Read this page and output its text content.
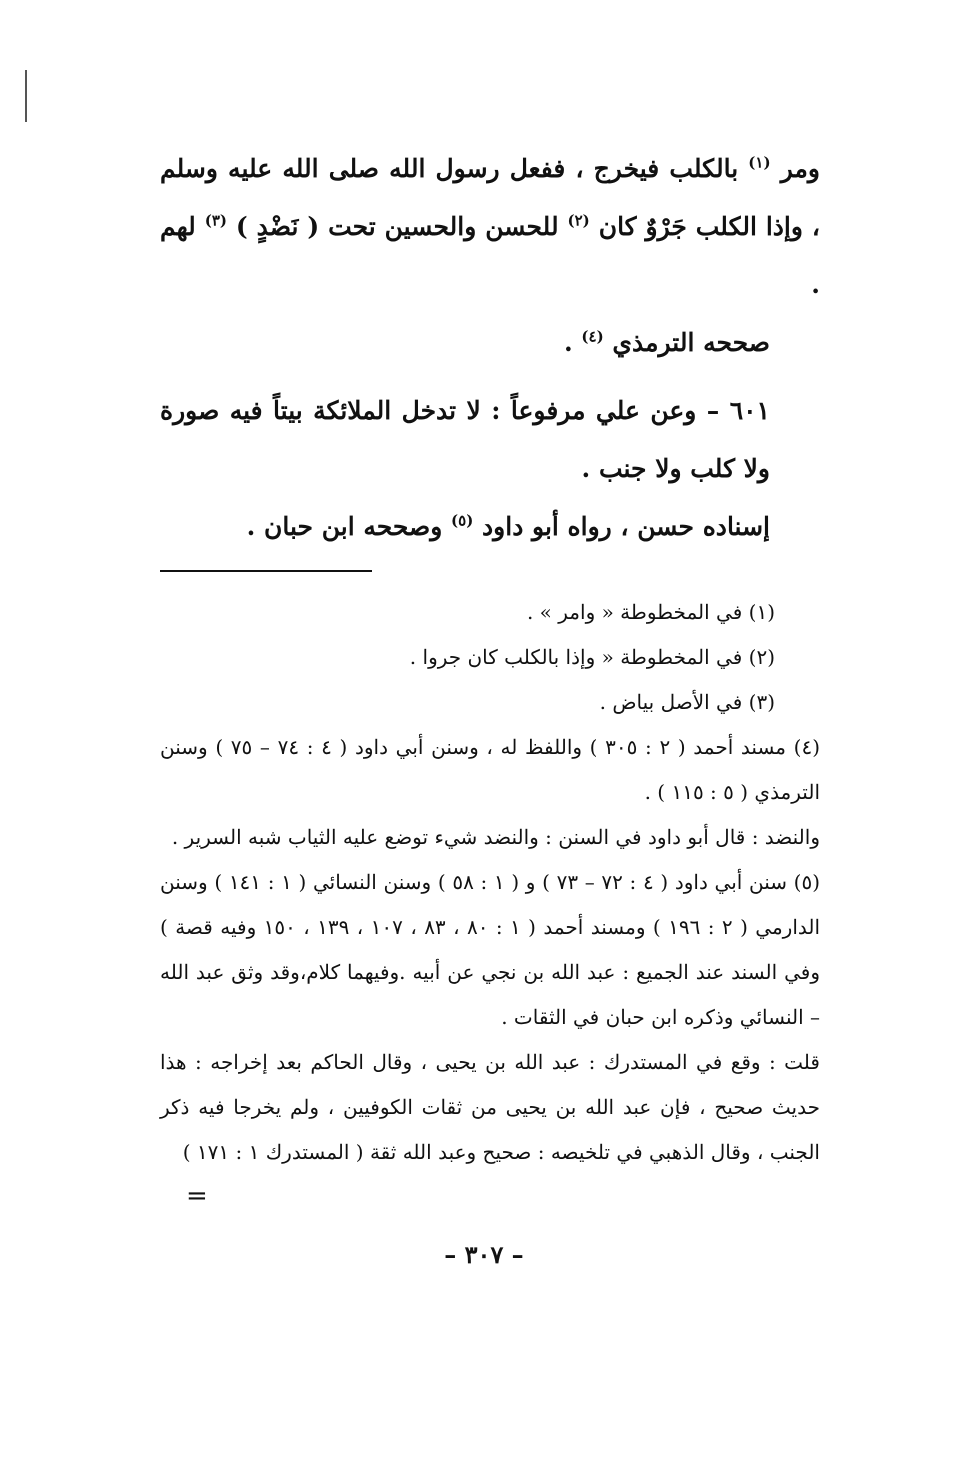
ومر $^{(١)}$ بالكلب فيخرج ، ففعل رسول الله صلى الله عليه وسلم ، وإذا الكلب جَرْوٌ كان $^{(٢)}$ للحسن والحسين تحت ( نَضْدٍ ) $^{(٣)}$ لهم .

صححه الترمذي $^{(٤)}$ .

٦٠١ – وعن علي مرفوعاً : لا تدخل الملائكة بيتاً فيه صورة ولا كلب ولا جنب .

إسناده حسن ، رواه أبو داود $^{(٥)}$ وصححه ابن حبان .

(١) في المخطوطة « وامر » .

(٢) في المخطوطة « وإذا بالكلب كان جروا .

(٣) في الأصل بياض .

(٤) مسند أحمد ( ٢ : ٣٠٥ ) واللفظ له ، وسنن أبي داود ( ٤ : ٧٤ – ٧٥ ) وسنن الترمذي ( ٥ : ١١٥ ) .

والنضد : قال أبو داود في السنن : والنضد شيء توضع عليه الثياب شبه السرير .

(٥) سنن أبي داود ( ٤ : ٧٢ – ٧٣ ) و ( ١ : ٥٨ ) وسنن النسائي ( ١ : ١٤١ ) وسنن الدارمي ( ٢ : ١٩٦ ) ومسند أحمد ( ١ : ٨٠ ، ٨٣ ، ١٠٧ ، ١٣٩ ، ١٥٠ وفيه قصة ) وفي السند عند الجميع : عبد الله بن نجي عن أبيه .وفيهما كلام،وقد وثق عبد الله – النسائي وذكره ابن حبان في الثقات .

قلت : وقع في المستدرك : عبد الله بن يحيى ، وقال الحاكم بعد إخراجه : هذا حديث صحيح ، فإن عبد الله بن يحيى من ثقات الكوفيين ، ولم يخرجا فيه ذكر الجنب ، وقال الذهبي في تلخيصه : صحيح وعبد الله ثقة ( المستدرك ١ : ١٧١ )

=
– ٣٠٧ –
